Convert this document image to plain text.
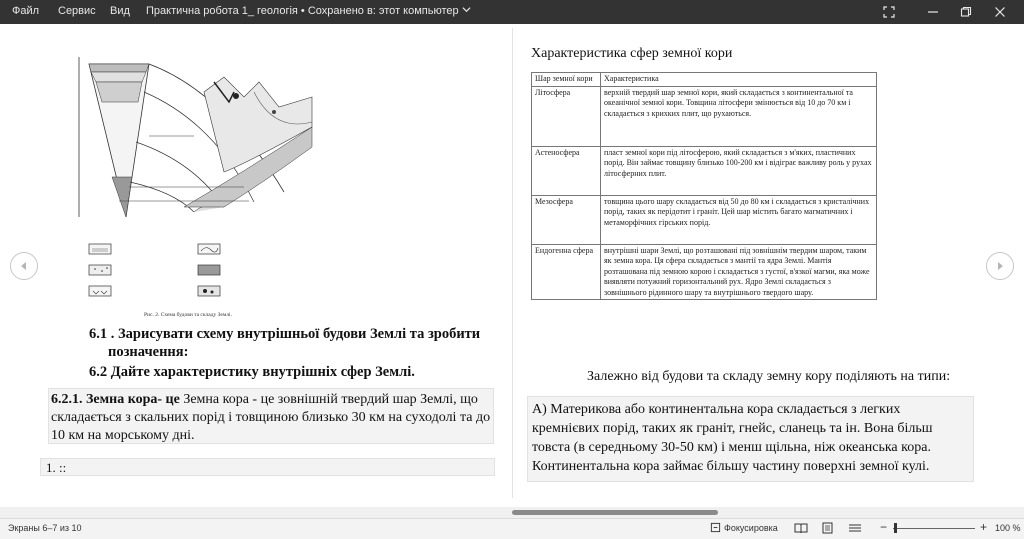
Файл Сервис Вид Практична робота 1_ геологія • Сохранено в: этот компьютер
Рис. 2. Схема будови та складу Землі.
6.1 . Зарисувати схему внутрішньої будови Землі та зробити
позначення:
6.2 Дайте характеристику внутрішніх сфер Землі.
6.2.1. Земна кора- це Земна кора - це зовнішній твердий шар Землі, що складається з скальних порід і товщиною близько 30 км на суходолі та до 10 км на морському дні.
1. ::
Характеристика сфер земної кори
Шар земної кори	Характеристика
Літосфера	верхній твердий шар земної кори, який складається з континентальної та океанічної земної кори. Товщина літосфери змінюється від 10 до 70 км і складається з крихких плит, що рухаються.
Астеносфера	пласт земної кори під літосферою, який складається з м'яких, пластичних порід. Він займає товщину близько 100-200 км і відіграє важливу роль у рухах літосферних плит.
Мезосфера	товщина цього шару складається від 50 до 80 км і складається з кристалічних порід, таких як перідотит і граніт. Цей шар містить багато магматичних і метаморфічних гірських порід.
Ендогенна сфера	внутрішні шари Землі, що розташовані під зовнішнім твердим шаром, таким як земна кора. Ця сфера складається з мантії та ядра Землі. Мантія розташована під земною корою і складається з густої, в'язкої магми, яка може виявляти потужний горизонтальний рух. Ядро Землі складається з зовнішнього рідинного шару та внутрішнього твердого шару.
Залежно від будови та складу земну кору поділяють на типи:
А) Материкова або континентальна кора складається з легких кремнієвих порід, таких як граніт, гнейс, сланець та ін. Вона більш товста (в середньому 30-50 км) і менш щільна, ніж океанська кора. Континентальна кора займає більшу частину поверхні земної кулі.
Экраны 6–7 из 10	Фокусировка	−	+ 100 %
